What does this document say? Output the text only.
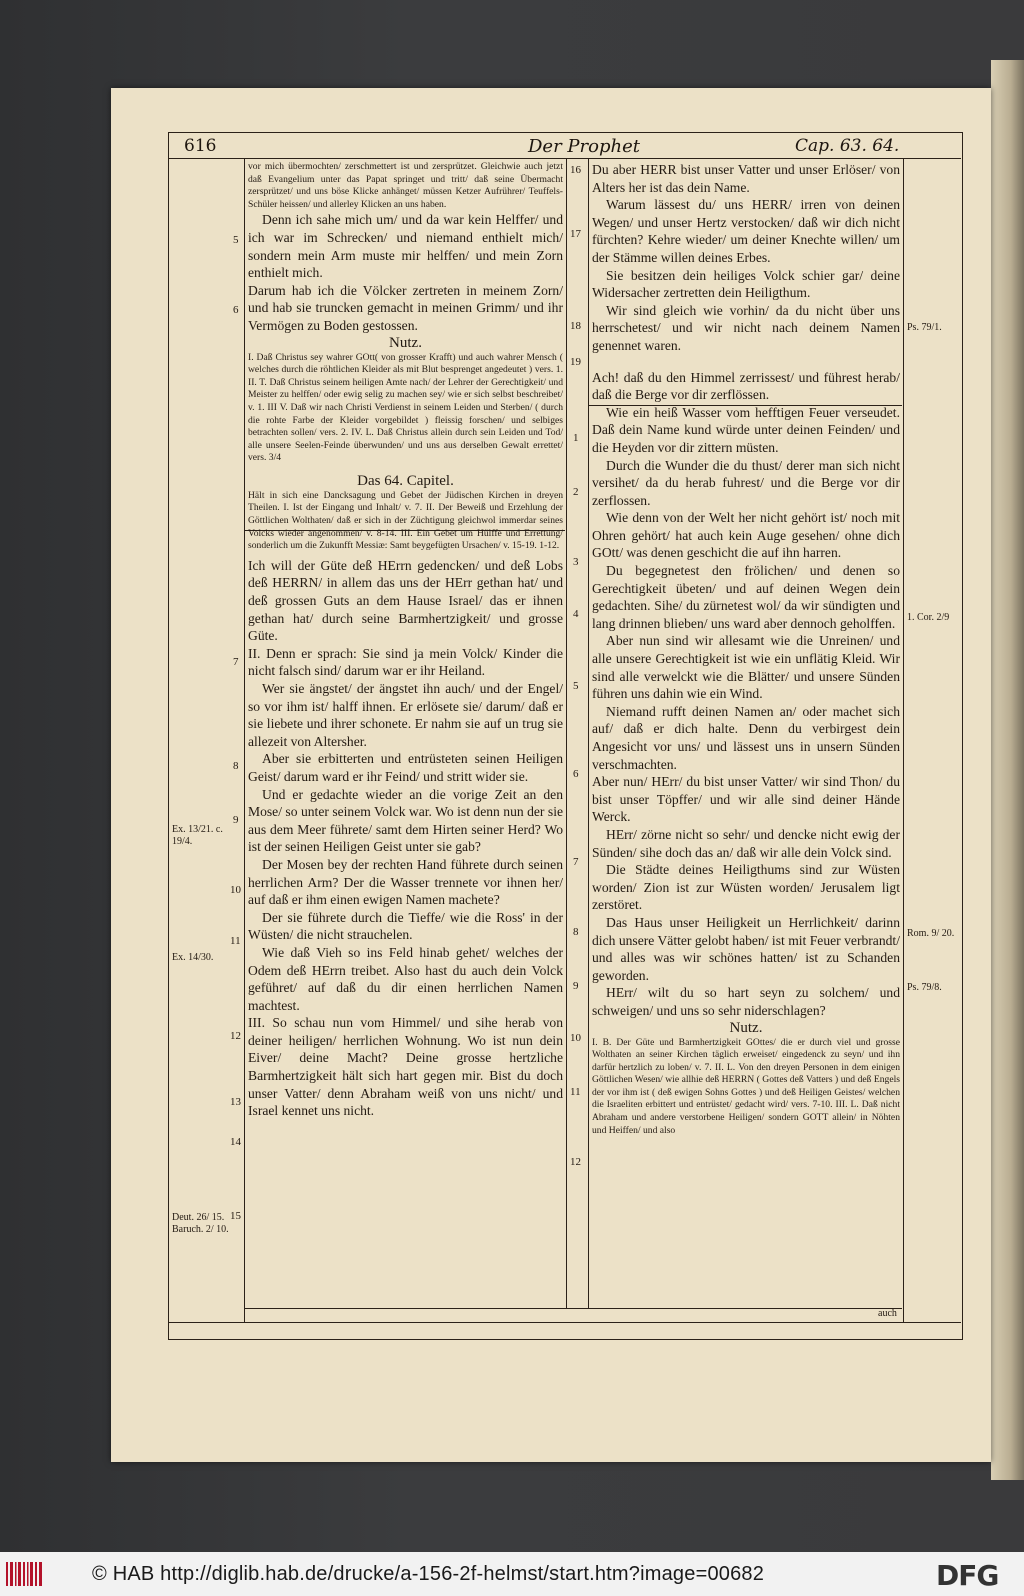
616	Der Prophet	Cap. 63. 64.

vor mich übermochten/ zerschmettert ist und zersprützet. Gleichwie auch jetzt daß Evangelium unter das Papat springet und tritt/ daß seine Übermacht zersprützet/ und uns böse Klicke anhänget/ müssen Ketzer Aufrührer/ Teuffels-Schüler heissen/ und allerley Klicken an uns haben.

Denn ich sahe mich um/ und da war kein Helffer/ und ich war im Schrecken/ und niemand enthielt mich/ sondern mein Arm muste mir helffen/ und mein Zorn enthielt mich.

Darum hab ich die Völcker zertreten in meinem Zorn/ und hab sie truncken gemacht in meinen Grimm/ und ihr Vermögen zu Boden gestossen.

Nutz.

I. Daß Christus sey wahrer GOtt( von grosser Krafft) und auch wahrer Mensch ( welches durch die röhtlichen Kleider als mit Blut besprenget angedeutet ) vers. 1. II. T. Daß Christus seinem heiligen Amte nach/ der Lehrer der Gerechtigkeit/ und Meister zu helffen/ oder ewig selig zu machen sey/ wie er sich selbst beschreibet/ v. 1. III V. Daß wir nach Christi Verdienst in seinem Leiden und Sterben/ ( durch die rohte Farbe der Kleider vorgebildet ) fleissig forschen/ und selbiges betrachten sollen/ vers. 2. IV. L. Daß Christus allein durch sein Leiden und Tod/ alle unsere Seelen-Feinde überwunden/ und uns aus derselben Gewalt errettet/ vers. 3/4

Das 64. Capitel.

Hält in sich eine Dancksagung und Gebet der Jüdischen Kirchen in dreyen Theilen. I. Ist der Eingang und Inhalt/ v. 7. II. Der Beweiß und Erzehlung der Göttlichen Wolthaten/ daß er sich in der Züchtigung gleichwol immerdar seines Volcks wieder angenommen/ v. 8-14. III. Ein Gebet um Hülffe und Errettung/ sonderlich um die Zukunfft Messiæ: Samt beygefügten Ursachen/ v. 15-19. 1-12.

Ich will der Güte deß HErrn gedencken/ und deß Lobs deß HERRN/ in allem das uns der HErr gethan hat/ und deß grossen Guts an dem Hause Israel/ das er ihnen gethan hat/ durch seine Barmhertzigkeit/ und grosse Güte.

II. Denn er sprach: Sie sind ja mein Volck/ Kinder die nicht falsch sind/ darum war er ihr Heiland.

Wer sie ängstet/ der ängstet ihn auch/ und der Engel/ so vor ihm ist/ halff ihnen. Er erlösete sie/ darum/ daß er sie liebete und ihrer schonete. Er nahm sie auf un trug sie allezeit von Altersher.

Aber sie erbitterten und entrüsteten seinen Heiligen Geist/ darum ward er ihr Feind/ und stritt wider sie.

Und er gedachte wieder an die vorige Zeit an den Mose/ so unter seinem Volck war. Wo ist denn nun der sie aus dem Meer führete/ samt dem Hirten seiner Herd? Wo ist der seinen Heiligen Geist unter sie gab?

Der Mosen bey der rechten Hand führete durch seinen herrlichen Arm? Der die Wasser trennete vor ihnen her/ auf daß er ihm einen ewigen Namen machete?

Der sie führete durch die Tieffe/ wie die Ross' in der Wüsten/ die nicht strauchelen.

Wie daß Vieh so ins Feld hinab gehet/ welches der Odem deß HErrn treibet. Also hast du auch dein Volck geführet/ auf daß du dir einen herrlichen Namen machtest.

III. So schau nun vom Himmel/ und sihe herab von deiner heiligen/ herrlichen Wohnung. Wo ist nun dein Eiver/ deine Macht? Deine grosse hertzliche Barmhertzigkeit hält sich hart gegen mir. Bist du doch unser Vatter/ denn Abraham weiß von uns nicht/ und Israel kennet uns nicht.

Du aber HERR bist unser Vatter und unser Erlöser/ von Alters her ist das dein Name.

Warum lässest du/ uns HERR/ irren von deinen Wegen/ und unser Hertz verstocken/ daß wir dich nicht fürchten? Kehre wieder/ um deiner Knechte willen/ um der Stämme willen deines Erbes.

Sie besitzen dein heiliges Volck schier gar/ deine Widersacher zertretten dein Heiligthum.

Wir sind gleich wie vorhin/ da du nicht über uns herrschetest/ und wir nicht nach deinem Namen genennet waren.

Ach! daß du den Himmel zerrissest/ und führest herab/ daß die Berge vor dir zerflössen.

Wie ein heiß Wasser vom hefftigen Feuer verseudet. Daß dein Name kund würde unter deinen Feinden/ und die Heyden vor dir zittern müsten.

Durch die Wunder die du thust/ derer man sich nicht versihet/ da du herab fuhrest/ und die Berge vor dir zerflossen.

Wie denn von der Welt her nicht gehört ist/ noch mit Ohren gehört/ hat auch kein Auge gesehen/ ohne dich GOtt/ was denen geschicht die auf ihn harren.

Du begegnetest den frölichen/ und denen so Gerechtigkeit übeten/ und auf deinen Wegen dein gedachten. Sihe/ du zürnetest wol/ da wir sündigten und lang drinnen blieben/ uns ward aber dennoch geholffen.

Aber nun sind wir allesamt wie die Unreinen/ und alle unsere Gerechtigkeit ist wie ein unflätig Kleid. Wir sind alle verwelckt wie die Blätter/ und unsere Sünden führen uns dahin wie ein Wind.

Niemand rufft deinen Namen an/ oder machet sich auf/ daß er dich halte. Denn du verbirgest dein Angesicht vor uns/ und lässest uns in unsern Sünden verschmachten.

Aber nun/ HErr/ du bist unser Vatter/ wir sind Thon/ du bist unser Töpffer/ und wir alle sind deiner Hände Werck.

HErr/ zörne nicht so sehr/ und dencke nicht ewig der Sünden/ sihe doch das an/ daß wir alle dein Volck sind.

Die Städte deines Heiligthums sind zur Wüsten worden/ Zion ist zur Wüsten worden/ Jerusalem ligt zerstöret.

Das Haus unser Heiligkeit un Herrlichkeit/ darinn dich unsere Vätter gelobt haben/ ist mit Feuer verbrandt/ und alles was wir schönes hatten/ ist zu Schanden geworden.

HErr/ wilt du so hart seyn zu solchem/ und schweigen/ und uns so sehr niderschlagen?

Nutz.

I. B. Der Güte und Barmhertzigkeit GOttes/ die er durch viel und grosse Wolthaten an seiner Kirchen täglich erweiset/ eingedenck zu seyn/ und ihn darfür hertzlich zu loben/ v. 7. II. L. Von den dreyen Personen in dem einigen Göttlichen Wesen/ wie allhie deß HERRN ( Gottes deß Vatters ) und deß Engels der vor ihm ist ( deß ewigen Sohns Gottes ) und deß Heiligen Geistes/ welchen die Israeliten erbittert und entrüstet/ gedacht wird/ vers. 7-10. III. L. Daß nicht Abraham und andere verstorbene Heiligen/ sondern GOTT allein/ in Nöhten und Heiffen/ und also

auch
5
6
7
8
9
10
11
12
13
14
15
16
17
18
19
1
2
3
4
5
6
7
8
9
10
11
12
Ex. 13/21. c. 19/4.
Ex. 14/30.
Deut. 26/ 15. Baruch. 2/ 10.
Ps. 79/1.
1. Cor. 2/9
Rom. 9/ 20.
Ps. 79/8.
© HAB http://diglib.hab.de/drucke/a-156-2f-helmst/start.htm?image=00682	DFG
